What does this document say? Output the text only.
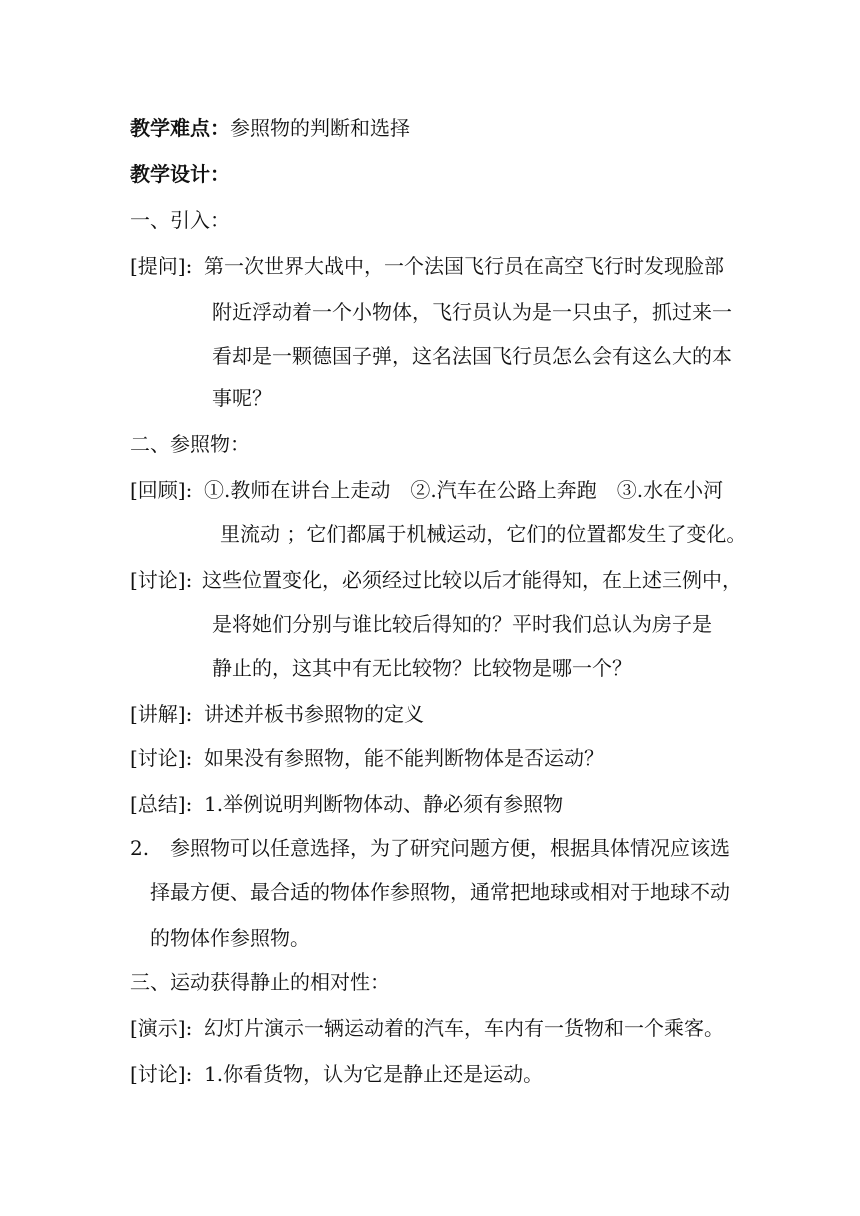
教学难点：参照物的判断和选择
教学设计：
一、引入：
[提问]: 第一次世界大战中，一个法国飞行员在高空飞行时发现脸部
附近浮动着一个小物体，飞行员认为是一只虫子，抓过来一
看却是一颗德国子弹，这名法国飞行员怎么会有这么大的本
事呢？
二、参照物：
[回顾]: ①.教师在讲台上走动　②.汽车在公路上奔跑　③.水在小河
里流动 ；它们都属于机械运动，它们的位置都发生了变化。
[讨论]: 这些位置变化，必须经过比较以后才能得知，在上述三例中，
是将她们分别与谁比较后得知的？平时我们总认为房子是
静止的，这其中有无比较物？比较物是哪一个？
[讲解]: 讲述并板书参照物的定义
[讨论]: 如果没有参照物，能不能判断物体是否运动？
[总结]: 1.举例说明判断物体动、静必须有参照物
2. 参照物可以任意选择，为了研究问题方便，根据具体情况应该选
择最方便、最合适的物体作参照物，通常把地球或相对于地球不动
的物体作参照物。
三、运动获得静止的相对性：
[演示]: 幻灯片演示一辆运动着的汽车，车内有一货物和一个乘客。
[讨论]: 1.你看货物，认为它是静止还是运动。
